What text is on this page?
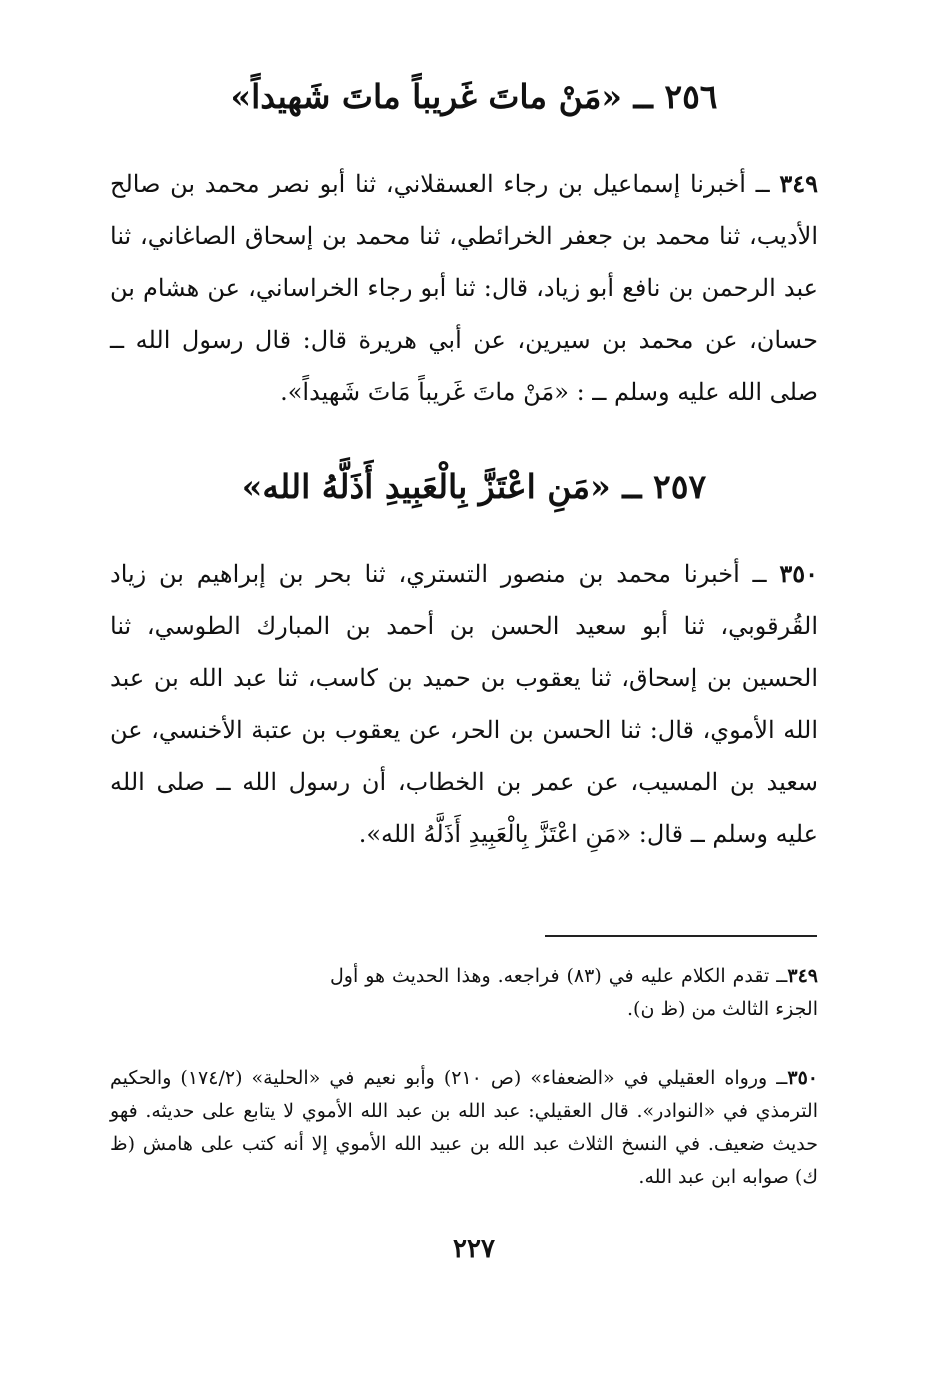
٢٥٦ ــ «مَنْ ماتَ غَريباً ماتَ شَهيداً»

٣٤٩ ــ أخبرنا إسماعيل بن رجاء العسقلاني، ثنا أبو نصر محمد بن صالح الأديب، ثنا محمد بن جعفر الخرائطي، ثنا محمد بن إسحاق الصاغاني، ثنا عبد الرحمن بن نافع أبو زياد، قال: ثنا أبو رجاء الخراساني، عن هشام بن حسان، عن محمد بن سيرين، عن أبي هريرة قال: قال رسول الله ــ صلى الله عليه وسلم ــ : «مَنْ ماتَ غَريباً مَاتَ شَهيداً».

٢٥٧ ــ «مَنِ اعْتَزَّ بِالْعَبِيدِ أَذَلَّهُ الله»

٣٥٠ ــ أخبرنا محمد بن منصور التستري، ثنا بحر بن إبراهيم بن زياد القُرقوبي، ثنا أبو سعيد الحسن بن أحمد بن المبارك الطوسي، ثنا الحسين بن إسحاق، ثنا يعقوب بن حميد بن كاسب، ثنا عبد الله بن عبد الله الأموي، قال: ثنا الحسن بن الحر، عن يعقوب بن عتبة الأخنسي، عن سعيد بن المسيب، عن عمر بن الخطاب، أن رسول الله ــ صلى الله عليه وسلم ــ قال: «مَنِ اعْتَزَّ بِالْعَبِيدِ أَذَلَّهُ الله».

٣٤٩ــ تقدم الكلام عليه في (٨٣) فراجعه. وهذا الحديث هو أول الجزء الثالث من (ظ ن).

٣٥٠ــ ورواه العقيلي في «الضعفاء» (ص ٢١٠) وأبو نعيم في «الحلية» (١٧٤/٢) والحكيم الترمذي في «النوادر». قال العقيلي: عبد الله بن عبد الله الأموي لا يتابع على حديثه. فهو حديث ضعيف. في النسخ الثلاث عبد الله بن عبيد الله الأموي إلا أنه كتب على هامش (ظ ك) صوابه ابن عبد الله.

٢٢٧
